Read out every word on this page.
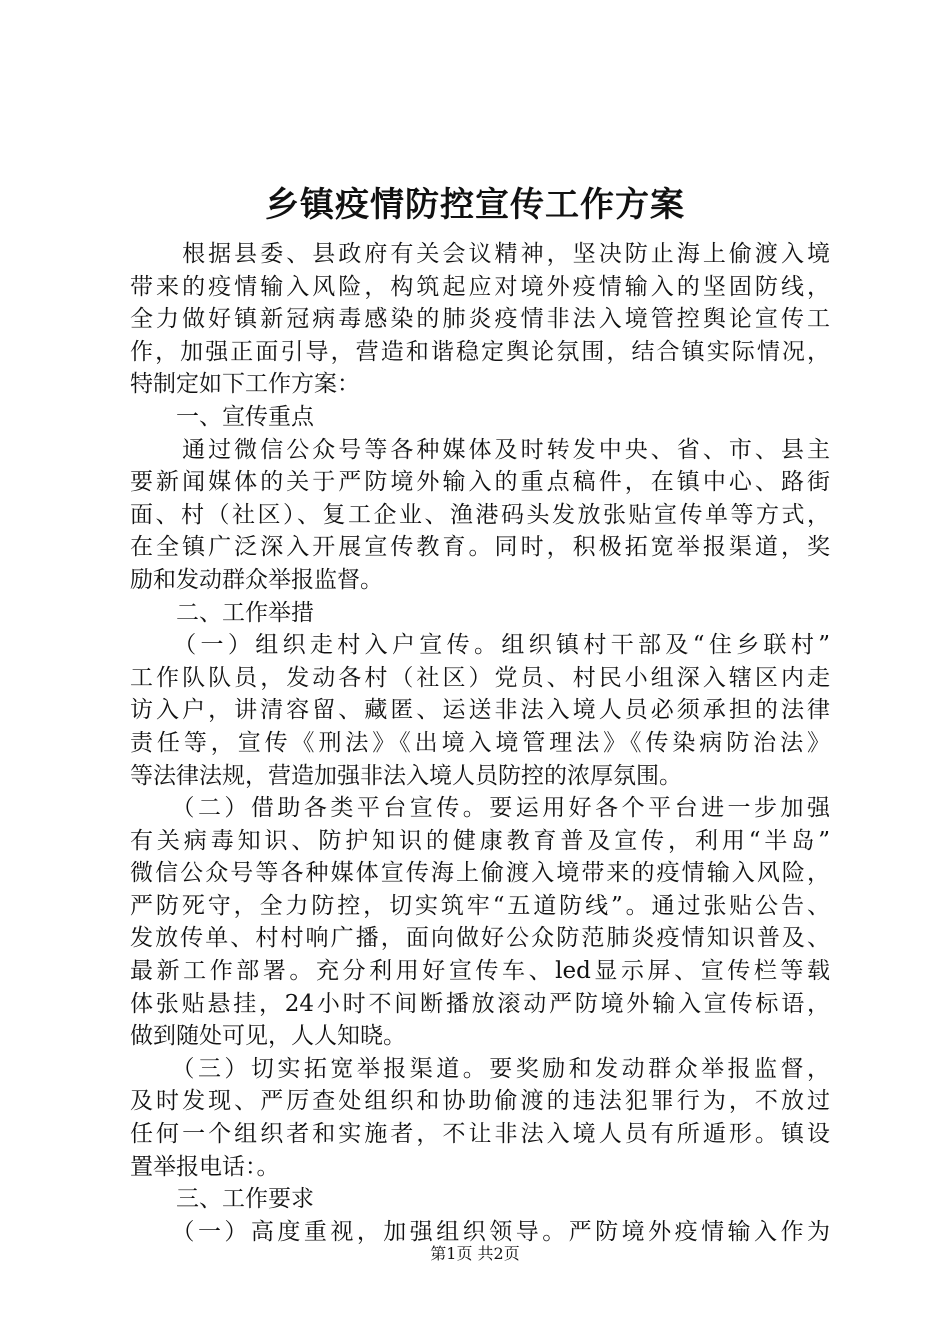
乡镇疫情防控宣传工作方案
　　根据县委、县政府有关会议精神，坚决防止海上偷渡入境
带来的疫情输入风险，构筑起应对境外疫情输入的坚固防线，
全力做好镇新冠病毒感染的肺炎疫情非法入境管控舆论宣传工
作，加强正面引导，营造和谐稳定舆论氛围，结合镇实际情况，
特制定如下工作方案：
　　一、宣传重点
　　通过微信公众号等各种媒体及时转发中央、省、市、县主
要新闻媒体的关于严防境外输入的重点稿件，在镇中心、路街
面、村（社区）、复工企业、渔港码头发放张贴宣传单等方式，
在全镇广泛深入开展宣传教育。同时，积极拓宽举报渠道，奖
励和发动群众举报监督。
　　二、工作举措
　　（一）组织走村入户宣传。组织镇村干部及“住乡联村”
工作队队员，发动各村（社区）党员、村民小组深入辖区内走
访入户，讲清容留、藏匿、运送非法入境人员必须承担的法律
责任等，宣传《刑法》《出境入境管理法》《传染病防治法》
等法律法规，营造加强非法入境人员防控的浓厚氛围。
　　（二）借助各类平台宣传。要运用好各个平台进一步加强
有关病毒知识、防护知识的健康教育普及宣传，利用“半岛”
微信公众号等各种媒体宣传海上偷渡入境带来的疫情输入风险，
严防死守，全力防控，切实筑牢“五道防线”。通过张贴公告、
发放传单、村村响广播，面向做好公众防范肺炎疫情知识普及、
最新工作部署。充分利用好宣传车、led显示屏、宣传栏等载
体张贴悬挂，24小时不间断播放滚动严防境外输入宣传标语，
做到随处可见，人人知晓。
　　（三）切实拓宽举报渠道。要奖励和发动群众举报监督，
及时发现、严厉查处组织和协助偷渡的违法犯罪行为，不放过
任何一个组织者和实施者，不让非法入境人员有所遁形。镇设
置举报电话：。
　　三、工作要求
　　（一）高度重视，加强组织领导。严防境外疫情输入作为
第1页 共2页
